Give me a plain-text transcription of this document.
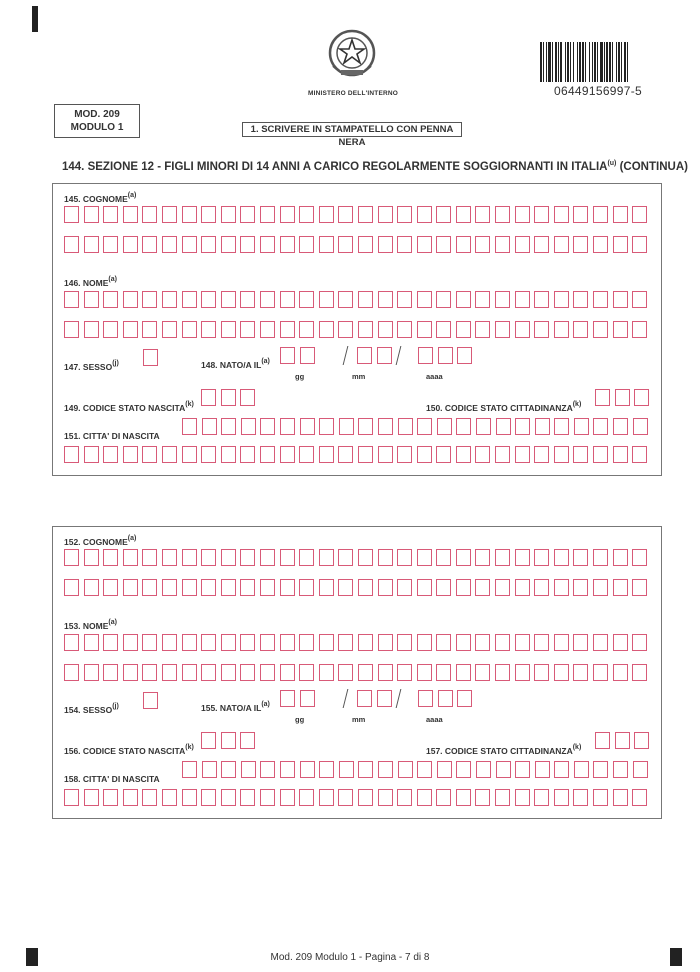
MINISTERO DELL'INTERNO	06449156997-5
MOD. 209
MODULO 1	1. SCRIVERE IN STAMPATELLO CON PENNA NERA
144. SEZIONE 12 - FIGLI MINORI DI 14 ANNI A CARICO REGOLARMENTE SOGGIORNANTI IN ITALIA$^{(u)}$ (CONTINUA)
145. COGNOME$^{(a)}$
146. NOME$^{(a)}$
147. SESSO$^{(j)}$	148. NATO/A IL$^{(a)}$
gg	mm	aaaa
149. CODICE STATO NASCITA$^{(k)}$	150. CODICE STATO CITTADINANZA$^{(k)}$
151. CITTA' DI NASCITA
152. COGNOME$^{(a)}$
153. NOME$^{(a)}$
154. SESSO$^{(j)}$	155. NATO/A IL$^{(a)}$
gg	mm	aaaa
156. CODICE STATO NASCITA$^{(k)}$	157. CODICE STATO CITTADINANZA$^{(k)}$
158. CITTA' DI NASCITA
Mod. 209 Modulo 1 - Pagina - 7 di 8
